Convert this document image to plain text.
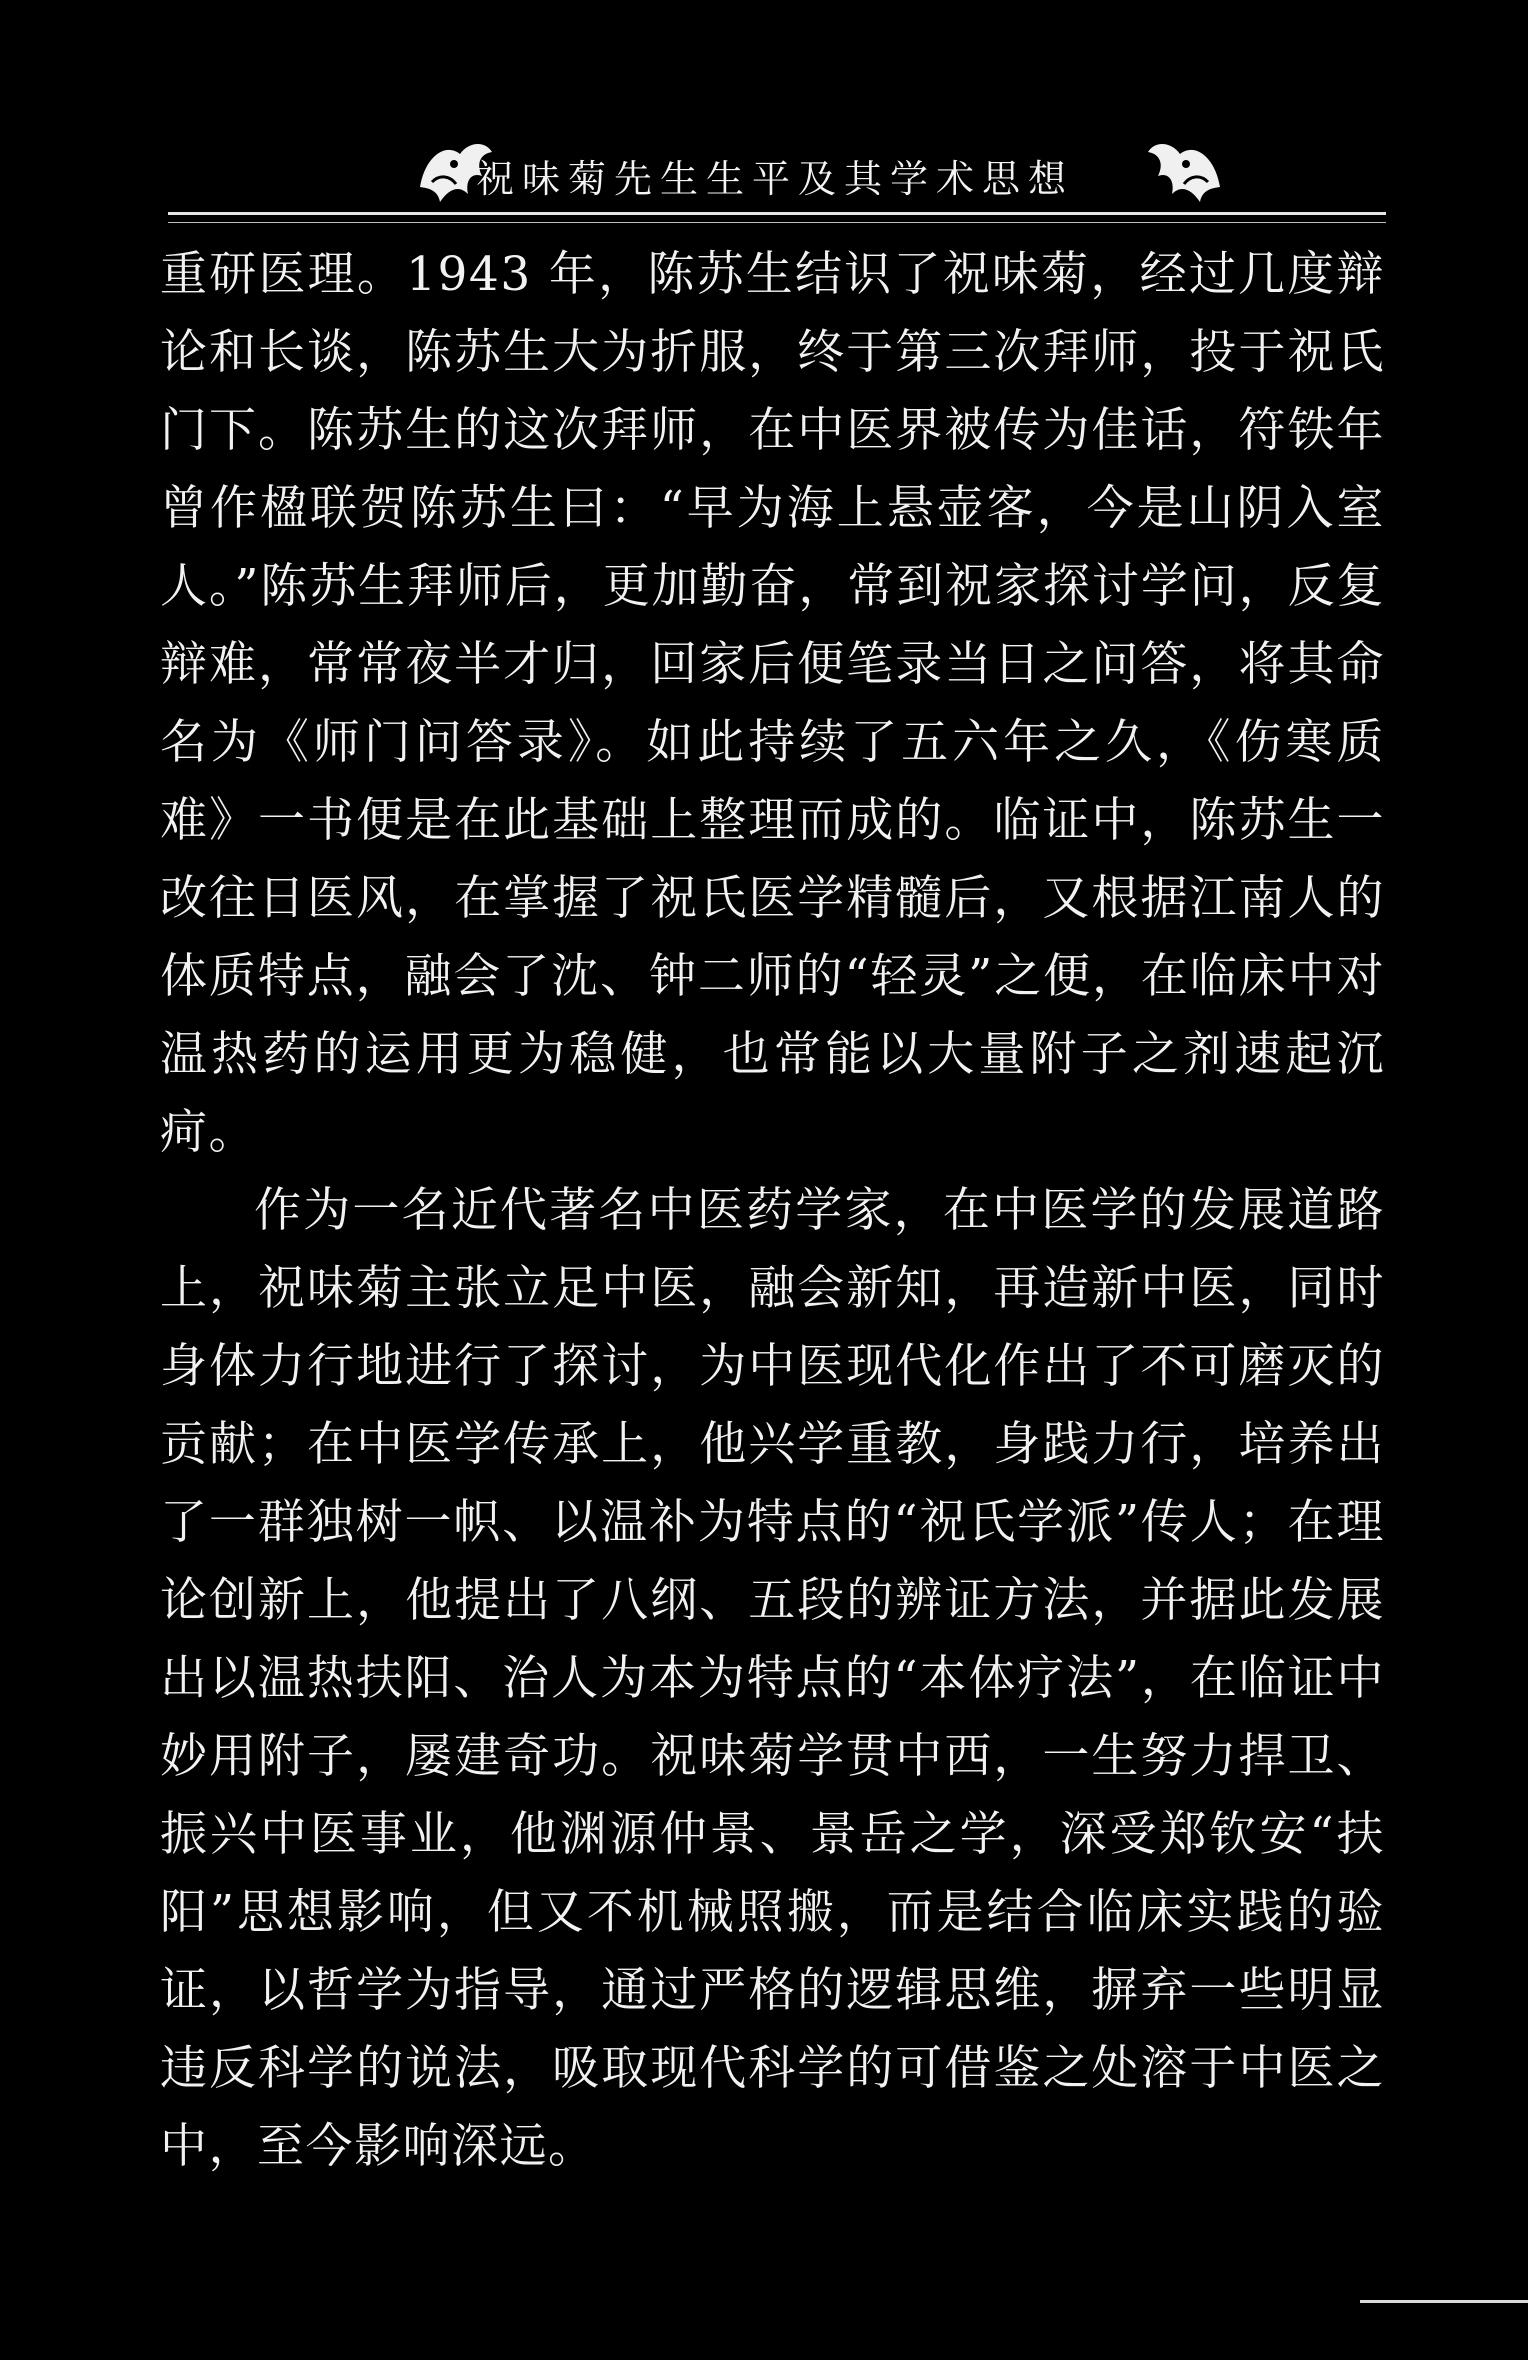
祝味菊先生生平及其学术思想

重研医理。1943 年，陈苏生结识了祝味菊，经过几度辩论和长谈，陈苏生大为折服，终于第三次拜师，投于祝氏门下。陈苏生的这次拜师，在中医界被传为佳话，符铁年曾作楹联贺陈苏生曰：“早为海上悬壶客，今是山阴入室人。”陈苏生拜师后，更加勤奋，常到祝家探讨学问，反复辩难，常常夜半才归，回家后便笔录当日之问答，将其命名为《师门问答录》。如此持续了五六年之久，《伤寒质难》一书便是在此基础上整理而成的。临证中，陈苏生一改往日医风，在掌握了祝氏医学精髓后，又根据江南人的体质特点，融会了沈、钟二师的“轻灵”之便，在临床中对温热药的运用更为稳健，也常能以大量附子之剂速起沉疴。

作为一名近代著名中医药学家，在中医学的发展道路上，祝味菊主张立足中医，融会新知，再造新中医，同时身体力行地进行了探讨，为中医现代化作出了不可磨灭的贡献；在中医学传承上，他兴学重教，身践力行，培养出了一群独树一帜、以温补为特点的“祝氏学派”传人；在理论创新上，他提出了八纲、五段的辨证方法，并据此发展出以温热扶阳、治人为本为特点的“本体疗法”，在临证中妙用附子，屡建奇功。祝味菊学贯中西，一生努力捍卫、振兴中医事业，他渊源仲景、景岳之学，深受郑钦安“扶阳”思想影响，但又不机械照搬，而是结合临床实践的验证，以哲学为指导，通过严格的逻辑思维，摒弃一些明显违反科学的说法，吸取现代科学的可借鉴之处溶于中医之中，至今影响深远。
